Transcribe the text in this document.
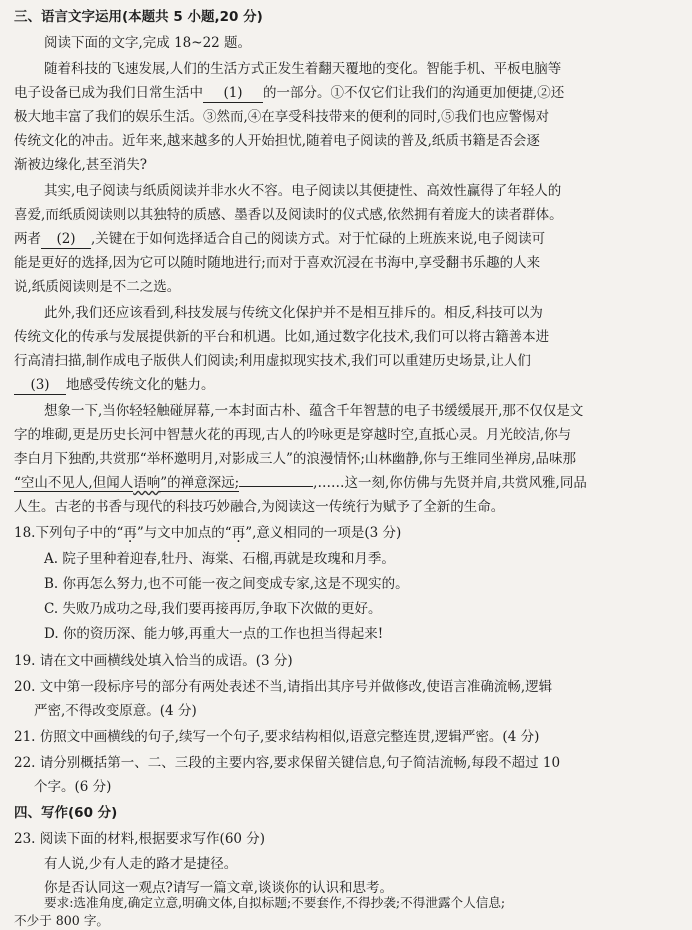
三、语言文字运用(本题共 5 小题,20 分)
阅读下面的文字,完成 18~22 题。
随着科技的飞速发展,人们的生活方式正发生着翻天覆地的变化。智能手机、平板电脑等
电子设备已成为我们日常生活中 (1) 的一部分。①不仅它们让我们的沟通更加便捷,②还
极大地丰富了我们的娱乐生活。③然而,④在享受科技带来的便利的同时,⑤我们也应警惕对
传统文化的冲击。近年来,越来越多的人开始担忧,随着电子阅读的普及,纸质书籍是否会逐
渐被边缘化,甚至消失?
其实,电子阅读与纸质阅读并非水火不容。电子阅读以其便捷性、高效性赢得了年轻人的
喜爱,而纸质阅读则以其独特的质感、墨香以及阅读时的仪式感,依然拥有着庞大的读者群体。
两者 (2) ,关键在于如何选择适合自己的阅读方式。对于忙碌的上班族来说,电子阅读可
能是更好的选择,因为它可以随时随地进行;而对于喜欢沉浸在书海中,享受翻书乐趣的人来
说,纸质阅读则是不二之选。
此外,我们还应该看到,科技发展与传统文化保护并不是相互排斥的。相反,科技可以为
传统文化的传承与发展提供新的平台和机遇。比如,通过数字化技术,我们可以将古籍善本进
行高清扫描,制作成电子版供人们阅读;利用虚拟现实技术,我们可以重建历史场景,让人们
(3) 地感受传统文化的魅力。
想象一下,当你轻轻触碰屏幕,一本封面古朴、蕴含千年智慧的电子书缓缓展开,那不仅仅是文
字的堆砌,更是历史长河中智慧火花的再现,古人的吟咏更是穿越时空,直抵心灵。月光皎洁,你与
李白月下独酌,共赏那“举杯邀明月,对影成三人”的浪漫情怀;山林幽静,你与王维同坐禅房,品味那
“空山不见人,但闻人语响”的禅意深远;	,……这一刻,你仿佛与先贤并肩,共赏风雅,同品
人生。古老的书香与现代的科技巧妙融合,为阅读这一传统行为赋予了全新的生命。
18.下列句子中的“再”与文中加点的“再”,意义相同的一项是(3 分)
A. 院子里种着迎春,牡丹、海棠、石榴,再就是玫瑰和月季。
B. 你再怎么努力,也不可能一夜之间变成专家,这是不现实的。
C. 失败乃成功之母,我们要再接再厉,争取下次做的更好。
D. 你的资历深、能力够,再重大一点的工作也担当得起来!
19. 请在文中画横线处填入恰当的成语。(3 分)
20. 文中第一段标序号的部分有两处表述不当,请指出其序号并做修改,使语言准确流畅,逻辑
严密,不得改变原意。(4 分)
21. 仿照文中画横线的句子,续写一个句子,要求结构相似,语意完整连贯,逻辑严密。(4 分)
22. 请分别概括第一、二、三段的主要内容,要求保留关键信息,句子简洁流畅,每段不超过 10
个字。(6 分)
四、写作(60 分)
23. 阅读下面的材料,根据要求写作(60 分)
有人说,少有人走的路才是捷径。
你是否认同这一观点?请写一篇文章,谈谈你的认识和思考。
要求:选准角度,确定立意,明确文体,自拟标题;不要套作,不得抄袭;不得泄露个人信息;
不少于 800 字。
